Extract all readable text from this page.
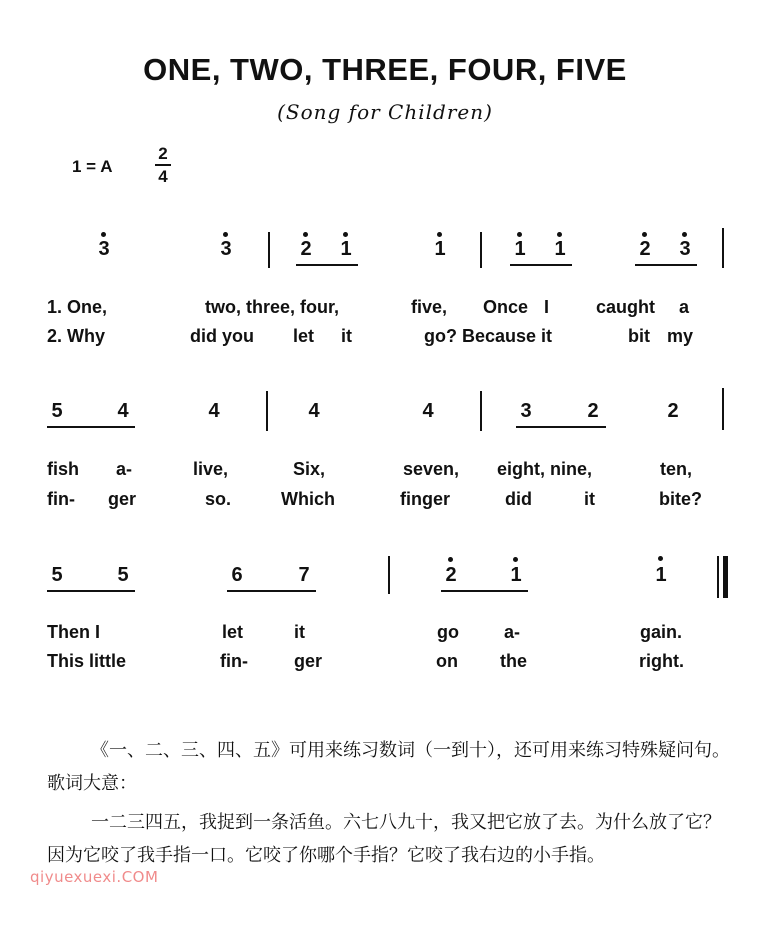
ONE, TWO, THREE, FOUR, FIVE
(Song for Children)
1 = A
2
4
3	3	2 1	1	1 1	2 3
1. One,	two, three, four,	five, Once I	caught a
2. Why	did you let it	go? Because it	bit my
5	4	4	4	4	3	2	2
fish a-	live,	Six,	seven, eight, nine,	ten,
fin- ger	so.	Which	finger	did	it	bite?
5	5	6	7	2	1	1
Then I	let	it	go	a-	gain.
This little	fin-	ger	on the	right.

《一、二、三、四、五》可用来练习数词（一到十），还可用来练习特殊疑问句。歌词大意：

一二三四五，我捉到一条活鱼。六七八九十，我又把它放了去。为什么放了它？因为它咬了我手指一口。它咬了你哪个手指？它咬了我右边的小手指。

qiyuexuexi.COM
